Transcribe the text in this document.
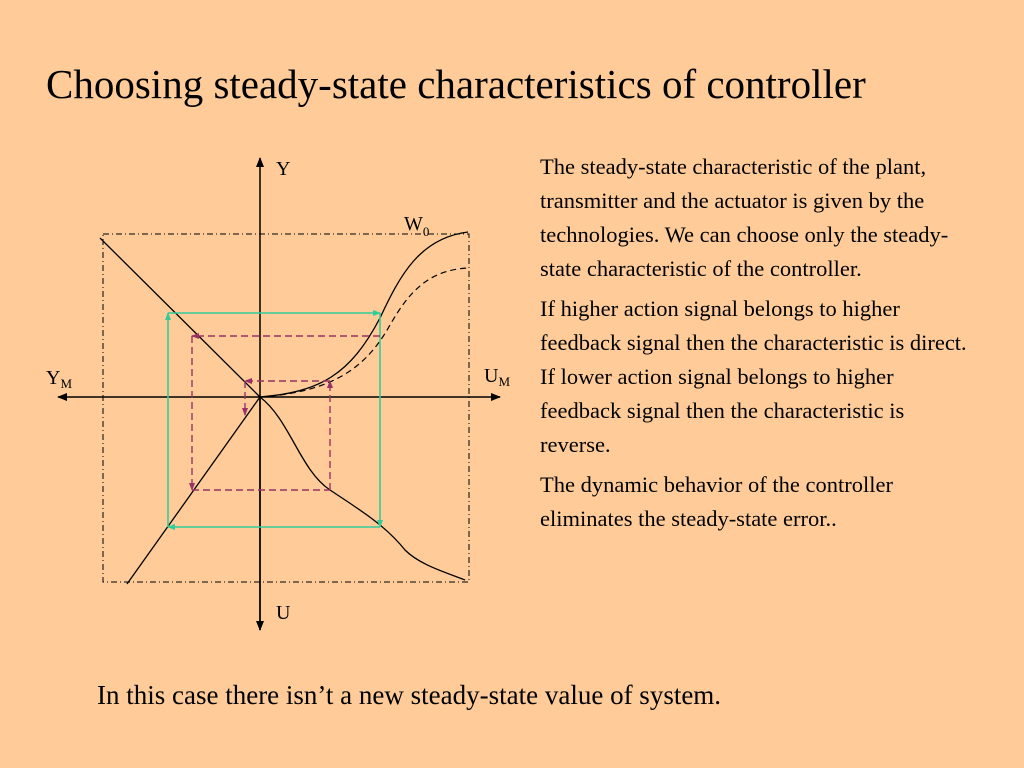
Choosing steady-state characteristics of controller
Y
U
$Y_M$	$U_M$
$W_0$

The steady-state characteristic of the plant, transmitter and the actuator is given by the technologies. We can choose only the steady-state characteristic of the controller.

If higher action signal belongs to higher feedback signal then the characteristic is direct. If lower action signal belongs to higher feedback signal then the characteristic is reverse.

The dynamic behavior of the controller eliminates the steady-state error..

In this case there isn’t a new steady-state value of system.
